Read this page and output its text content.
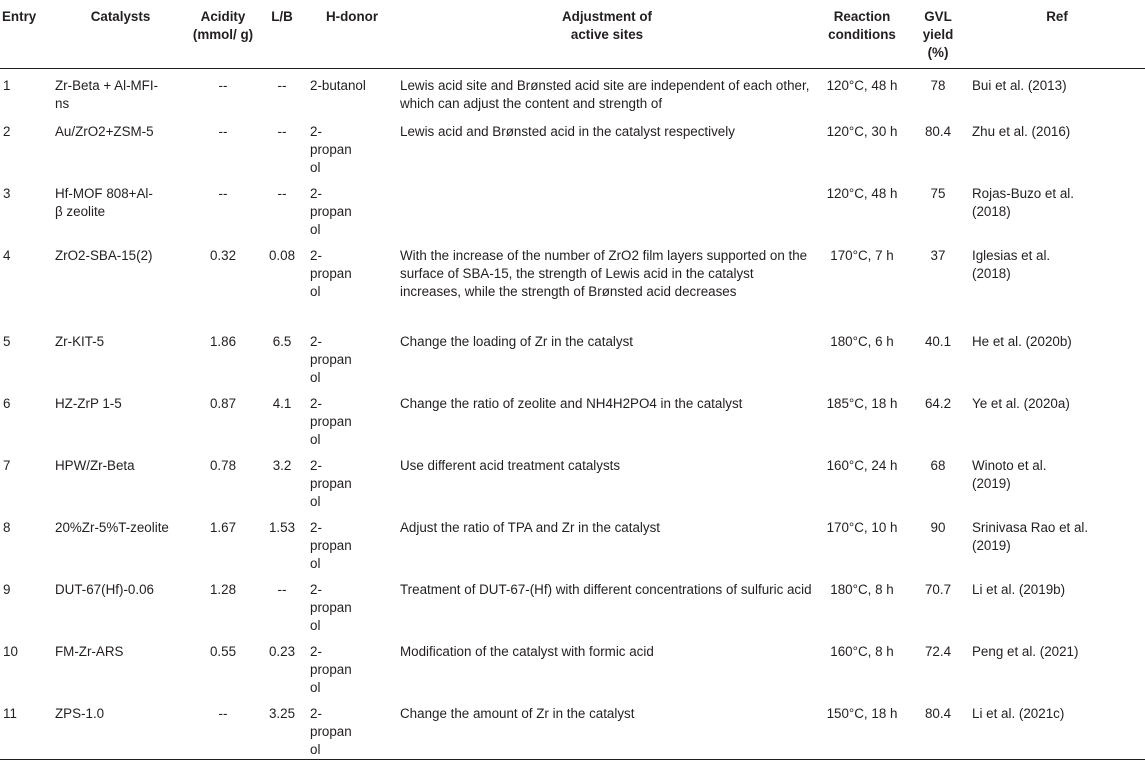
Entry	Catalysts	Acidity (mmol/ g)	L/B	H-donor	Adjustment of active sites	Reaction conditions	GVL yield (%)	Ref
1	Zr-Beta + Al-MFI-ns	--	--	2-butanol	Lewis acid site and Brønsted acid site are independent of each other, which can adjust the content and strength of	120°C, 48 h	78	Bui et al. (2013)
2	Au/ZrO2+ZSM-5	--	--	2-propanol	Lewis acid and Brønsted acid in the catalyst respectively	120°C, 30 h	80.4	Zhu et al. (2016)
3	Hf-MOF 808+Al-β zeolite	--	--	2-propanol		120°C, 48 h	75	Rojas-Buzo et al. (2018)
4	ZrO2-SBA-15(2)	0.32	0.08	2-propanol	With the increase of the number of ZrO2 film layers supported on the surface of SBA-15, the strength of Lewis acid in the catalyst increases, while the strength of Brønsted acid decreases	170°C, 7 h	37	Iglesias et al. (2018)
5	Zr-KIT-5	1.86	6.5	2-propanol	Change the loading of Zr in the catalyst	180°C, 6 h	40.1	He et al. (2020b)
6	HZ-ZrP 1-5	0.87	4.1	2-propanol	Change the ratio of zeolite and NH4H2PO4 in the catalyst	185°C, 18 h	64.2	Ye et al. (2020a)
7	HPW/Zr-Beta	0.78	3.2	2-propanol	Use different acid treatment catalysts	160°C, 24 h	68	Winoto et al. (2019)
8	20%Zr-5%T-zeolite	1.67	1.53	2-propanol	Adjust the ratio of TPA and Zr in the catalyst	170°C, 10 h	90	Srinivasa Rao et al. (2019)
9	DUT-67(Hf)-0.06	1.28	--	2-propanol	Treatment of DUT-67-(Hf) with different concentrations of sulfuric acid	180°C, 8 h	70.7	Li et al. (2019b)
10	FM-Zr-ARS	0.55	0.23	2-propanol	Modification of the catalyst with formic acid	160°C, 8 h	72.4	Peng et al. (2021)
11	ZPS-1.0	--	3.25	2-propanol	Change the amount of Zr in the catalyst	150°C, 18 h	80.4	Li et al. (2021c)
